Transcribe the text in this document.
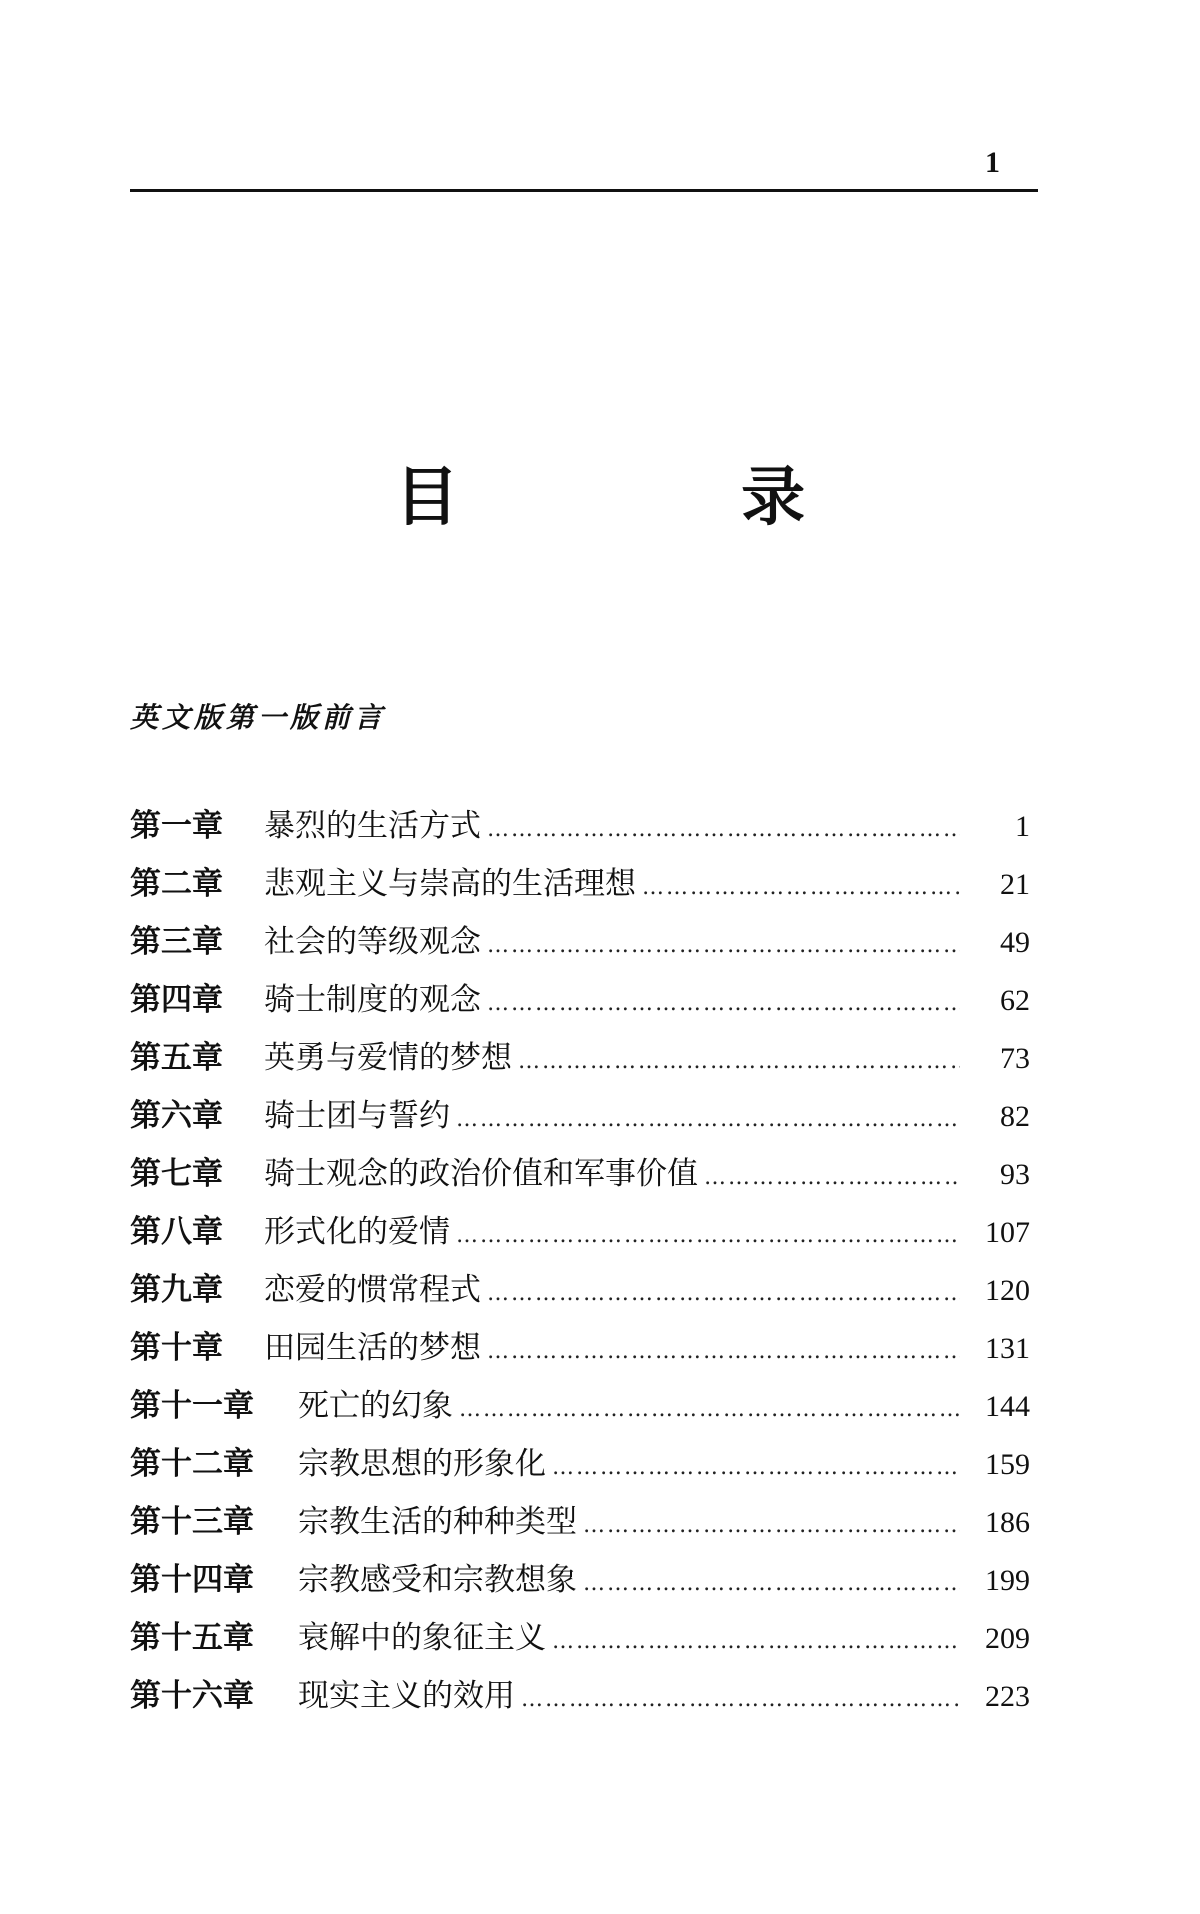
1
目 录
英文版第一版前言
第一章	暴烈的生活方式 ………………………………………………………………………………………………………………………………………………	1
第二章	悲观主义与崇高的生活理想 ………………………………………………………………………………………………………………………………………………	21
第三章	社会的等级观念 ………………………………………………………………………………………………………………………………………………	49
第四章	骑士制度的观念 ………………………………………………………………………………………………………………………………………………	62
第五章	英勇与爱情的梦想 ………………………………………………………………………………………………………………………………………………	73
第六章	骑士团与誓约 ………………………………………………………………………………………………………………………………………………	82
第七章	骑士观念的政治价值和军事价值 ………………………………………………………………………………………………………………………………………………	93
第八章	形式化的爱情 ………………………………………………………………………………………………………………………………………………	107
第九章	恋爱的惯常程式 ………………………………………………………………………………………………………………………………………………	120
第十章	田园生活的梦想 ………………………………………………………………………………………………………………………………………………	131
第十一章	死亡的幻象 ………………………………………………………………………………………………………………………………………………	144
第十二章	宗教思想的形象化 ………………………………………………………………………………………………………………………………………………	159
第十三章	宗教生活的种种类型 ………………………………………………………………………………………………………………………………………………	186
第十四章	宗教感受和宗教想象 ………………………………………………………………………………………………………………………………………………	199
第十五章	衰解中的象征主义 ………………………………………………………………………………………………………………………………………………	209
第十六章	现实主义的效用 ………………………………………………………………………………………………………………………………………………	223
